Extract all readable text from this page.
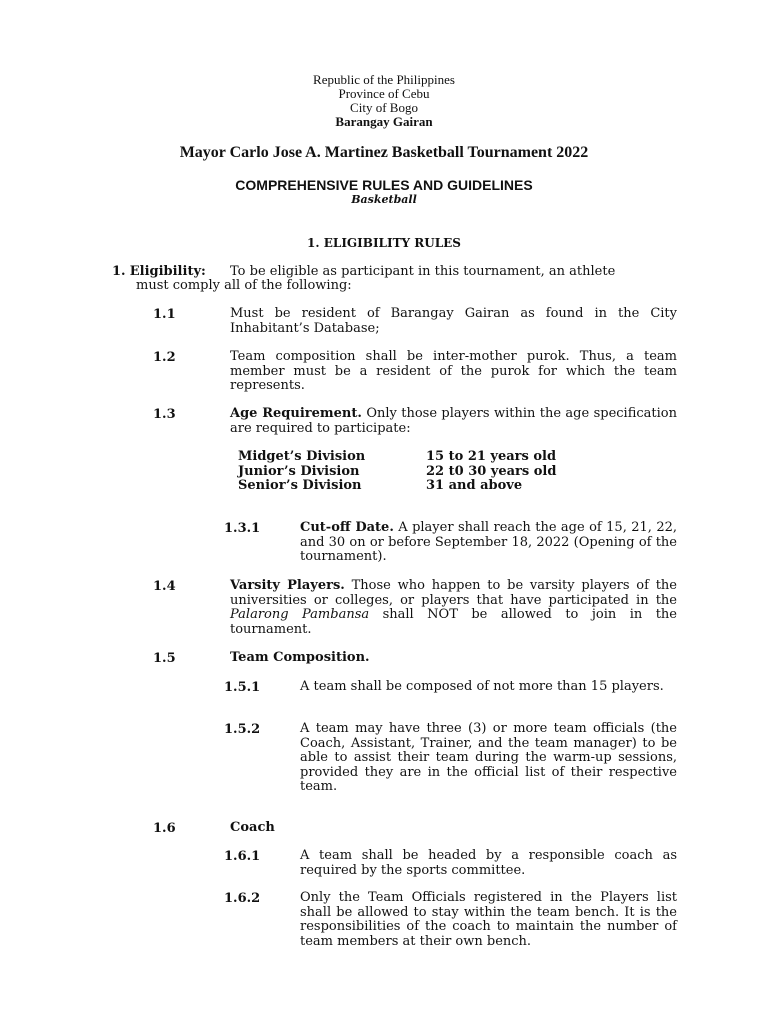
Republic of the Philippines
Province of Cebu
City of Bogo
Barangay Gairan
Mayor Carlo Jose A. Martinez Basketball Tournament 2022
COMPREHENSIVE RULES AND GUIDELINES
Basketball
1. ELIGIBILITY RULES
1. Eligibility: To be eligible as participant in this tournament, an athlete
must comply all of the following:
1.1	Must be resident of Barangay Gairan as found in the City Inhabitant’s Database;
1.2	Team composition shall be inter-mother purok. Thus, a team member must be a resident of the purok for which the team represents.
1.3	Age Requirement. Only those players within the age specification are required to participate:
Midget’s Division	15 to 21 years old
Junior’s Division	22 t0 30 years old
Senior’s Division	31 and above
1.3.1	Cut-off Date. A player shall reach the age of 15, 21, 22, and 30 on or before September 18, 2022 (Opening of the tournament).
1.4	Varsity Players. Those who happen to be varsity players of the universities or colleges, or players that have participated in the Palarong Pambansa shall NOT be allowed to join in the tournament.
1.5	Team Composition.
1.5.1	A team shall be composed of not more than 15 players.
1.5.2	A team may have three (3) or more team officials (the Coach, Assistant, Trainer, and the team manager) to be able to assist their team during the warm-up sessions, provided they are in the official list of their respective team.
1.6	Coach
1.6.1	A team shall be headed by a responsible coach as required by the sports committee.
1.6.2	Only the Team Officials registered in the Players list shall be allowed to stay within the team bench. It is the responsibilities of the coach to maintain the number of team members at their own bench.
